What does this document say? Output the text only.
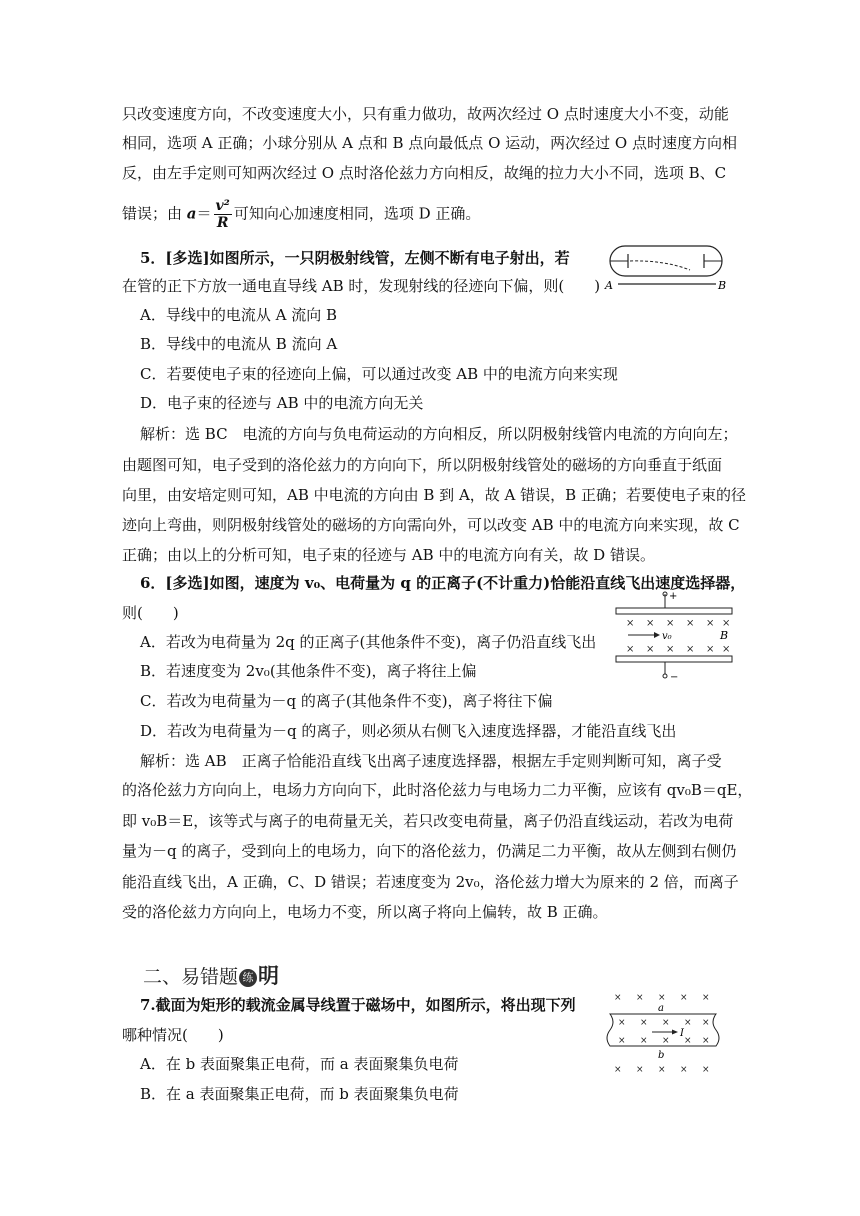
只改变速度方向，不改变速度大小，只有重力做功，故两次经过 O 点时速度大小不变，动能
相同，选项 A 正确；小球分别从 A 点和 B 点向最低点 O 运动，两次经过 O 点时速度方向相
反，由左手定则可知两次经过 O 点时洛伦兹力方向相反，故绳的拉力大小不同，选项 B、C
错误；由 $a= \frac{\text{v²}}{R}$ 可知向心加速度相同，选项 D 正确。
5．[多选]如图所示，一只阴极射线管，左侧不断有电子射出，若
在管的正下方放一通电直导线 AB 时，发现射线的径迹向下偏，则(　　)
A．导线中的电流从 A 流向 B
B．导线中的电流从 B 流向 A
C．若要使电子束的径迹向上偏，可以通过改变 AB 中的电流方向来实现
D．电子束的径迹与 AB 中的电流方向无关
解析：选 BC　电流的方向与负电荷运动的方向相反，所以阴极射线管内电流的方向向左；
由题图可知，电子受到的洛伦兹力的方向向下，所以阴极射线管处的磁场的方向垂直于纸面
向里，由安培定则可知，AB 中电流的方向由 B 到 A，故 A 错误，B 正确；若要使电子束的径
迹向上弯曲，则阴极射线管处的磁场的方向需向外，可以改变 AB 中的电流方向来实现，故 C
正确；由以上的分析可知，电子束的径迹与 AB 中的电流方向有关，故 D 错误。
A	B
6．[多选]如图，速度为 v₀、电荷量为 q 的正离子(不计重力)恰能沿直线飞出速度选择器，
则(　　)
A．若改为电荷量为 2q 的正离子(其他条件不变)，离子仍沿直线飞出
B．若速度变为 2v₀(其他条件不变)，离子将往上偏
C．若改为电荷量为－q 的离子(其他条件不变)，离子将往下偏
D．若改为电荷量为－q 的离子，则必须从右侧飞入速度选择器，才能沿直线飞出
解析：选 AB　正离子恰能沿直线飞出离子速度选择器，根据左手定则判断可知，离子受
的洛伦兹力方向向上，电场力方向向下，此时洛伦兹力与电场力二力平衡，应该有 qv₀B＝qE，
即 v₀B＝E，该等式与离子的电荷量无关，若只改变电荷量，离子仍沿直线运动，若改为电荷
量为－q 的离子，受到向上的电场力，向下的洛伦兹力，仍满足二力平衡，故从左侧到右侧仍
能沿直线飞出，A 正确，C、D 错误；若速度变为 2v₀，洛伦兹力增大为原来的 2 倍，而离子
受的洛伦兹力方向向上，电场力不变，所以离子将向上偏转，故 B 正确。
+
× × × × × ×
v₀	B
× × × × × ×
−
二、易错题 练 明
7.截面为矩形的载流金属导线置于磁场中，如图所示，将出现下列
哪种情况(　　)
A．在 b 表面聚集正电荷，而 a 表面聚集负电荷
B．在 a 表面聚集正电荷，而 b 表面聚集负电荷
× × × × ×
a
× × × × ×
I
× × × × ×
b
× × × × ×
